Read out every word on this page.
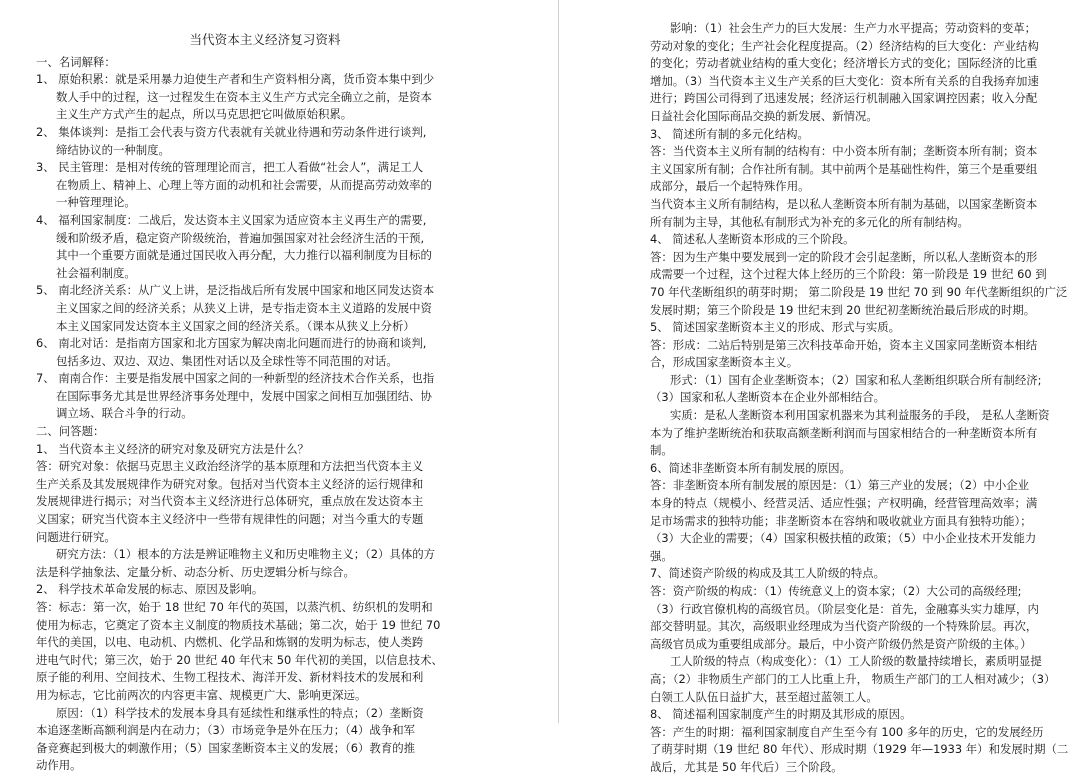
当代资本主义经济复习资料

一、名词解释：

1、 原始积累：就是采用暴力迫使生产者和生产资料相分离，货币资本集中到少

数人手中的过程，这一过程发生在资本主义生产方式完全确立之前，是资本

主义生产方式产生的起点，所以马克思把它叫做原始积累。

2、 集体谈判：是指工会代表与资方代表就有关就业待遇和劳动条件进行谈判,

缔结协议的一种制度。

3、 民主管理：是相对传统的管理理论而言，把工人看做“社会人”，满足工人

在物质上、精神上、心理上等方面的动机和社会需要，从而提高劳动效率的

一种管理理论。

4、 福利国家制度：二战后，发达资本主义国家为适应资本主义再生产的需要,

缓和阶级矛盾，稳定资产阶级统治，普遍加强国家对社会经济生活的干预,

其中一个重要方面就是通过国民收入再分配，大力推行以福利制度为目标的

社会福利制度。

5、 南北经济关系：从广义上讲，是泛指战后所有发展中国家和地区同发达资本

主义国家之间的经济关系；从狭义上讲，是专指走资本主义道路的发展中资

本主义国家同发达资本主义国家之间的经济关系。（课本从狭义上分析）

6、 南北对话：是指南方国家和北方国家为解决南北问题而进行的协商和谈判,

包括多边、双边、双边、集团性对话以及全球性等不同范围的对话。

7、 南南合作：主要是指发展中国家之间的一种新型的经济技术合作关系，也指

在国际事务尤其是世界经济事务处理中，发展中国家之间相互加强团结、协

调立场、联合斗争的行动。

二、问答题：

1、 当代资本主义经济的研究对象及研究方法是什么？

答：研究对象：依据马克思主义政治经济学的基本原理和方法把当代资本主义

生产关系及其发展规律作为研究对象。包括对当代资本主义经济的运行规律和

发展规律进行揭示；对当代资本主义经济进行总体研究，重点放在发达资本主

义国家；研究当代资本主义经济中一些带有规律性的问题；对当今重大的专题

问题进行研究。

研究方法：（1）根本的方法是辨证唯物主义和历史唯物主义；（2）具体的方

法是科学抽象法、定量分析、动态分析、历史逻辑分析与综合。

2、 科学技术革命发展的标志、原因及影响。

答：标志：第一次，始于 18 世纪 70 年代的英国，以蒸汽机、纺织机的发明和

使用为标志，它奠定了资本主义制度的物质技术基础；第二次，始于 19 世纪 70

年代的美国，以电、电动机、内燃机、化学品和炼钢的发明为标志，使人类跨

进电气时代；第三次，始于 20 世纪 40 年代末 50 年代初的美国，以信息技术、

原子能的利用、空间技术、生物工程技术、海洋开发、新材料技术的发展和利

用为标志，它比前两次的内容更丰富、规模更广大、影响更深远。

原因：（1）科学技术的发展本身具有延续性和继承性的特点；（2）垄断资

本追逐垄断高额利润是内在动力；（3）市场竞争是外在压力；（4）战争和军

备竞赛起到极大的刺激作用；（5）国家垄断资本主义的发展；（6）教育的推

动作用。

影响：（1）社会生产力的巨大发展：生产力水平提高；劳动资料的变革；

劳动对象的变化；生产社会化程度提高。（2）经济结构的巨大变化：产业结构

的变化；劳动者就业结构的重大变化；经济增长方式的变化；国际经济的比重

增加。（3）当代资本主义生产关系的巨大变化：资本所有关系的自我扬弃加速

进行；跨国公司得到了迅速发展；经济运行机制融入国家调控因素；收入分配

日益社会化国际商品交换的新发展、新情况。

3、 简述所有制的多元化结构。

答：当代资本主义所有制的结构有：中小资本所有制；垄断资本所有制；资本

主义国家所有制；合作社所有制。其中前两个是基础性构件，第三个是重要组

成部分，最后一个起特殊作用。

当代资本主义所有制结构，是以私人垄断资本所有制为基础，以国家垄断资本

所有制为主导，其他私有制形式为补充的多元化的所有制结构。

4、 简述私人垄断资本形成的三个阶段。

答：因为生产集中要发展到一定的阶段才会引起垄断，所以私人垄断资本的形

成需要一个过程，这个过程大体上经历的三个阶段：第一阶段是 19 世纪 60 到

70 年代垄断组织的萌芽时期； 第二阶段是 19 世纪 70 到 90 年代垄断组织的广泛

发展时期；第三个阶段是 19 世纪末到 20 世纪初垄断统治最后形成的时期。

5、 简述国家垄断资本主义的形成、形式与实质。

答：形成：二站后特别是第三次科技革命开始，资本主义国家同垄断资本相结

合，形成国家垄断资本主义。

形式：（1）国有企业垄断资本；（2）国家和私人垄断组织联合所有制经济;

（3）国家和私人垄断资本在企业外部相结合。

实质：是私人垄断资本利用国家机器来为其利益服务的手段， 是私人垄断资

本为了维护垄断统治和获取高额垄断利润而与国家相结合的一种垄断资本所有

制。

6、简述非垄断资本所有制发展的原因。

答：非垄断资本所有制发展的原因是：（1）第三产业的发展；（2）中小企业

本身的特点（规模小、经营灵活、适应性强；产权明确，经营管理高效率；满

足市场需求的独特功能；非垄断资本在容纳和吸收就业方面具有独特功能）；

（3）大企业的需要；（4）国家积极扶植的政策；（5）中小企业技术开发能力

强。

7、简述资产阶级的构成及其工人阶级的特点。

答：资产阶级的构成：（1）传统意义上的资本家；（2）大公司的高级经理;

（3）行政官僚机构的高级官员。（阶层变化是：首先，金融寡头实力雄厚，内

部交替明显。其次，高级职业经理成为当代资产阶级的一个特殊阶层。再次，

高级官员成为重要组成部分。最后，中小资产阶级仍然是资产阶级的主体。）

工人阶级的特点（构成变化）：（1）工人阶级的数量持续增长，素质明显提

高；（2）非物质生产部门的工人比重上升， 物质生产部门的工人相对减少；（3）

白领工人队伍日益扩大，甚至超过蓝领工人。

8、 简述福利国家制度产生的时期及其形成的原因。

答：产生的时期：福利国家制度自产生至今有 100 多年的历史，它的发展经历

了萌芽时期（19 世纪 80 年代）、形成时期（1929 年—1933 年）和发展时期（二

战后，尤其是 50 年代后）三个阶段。
